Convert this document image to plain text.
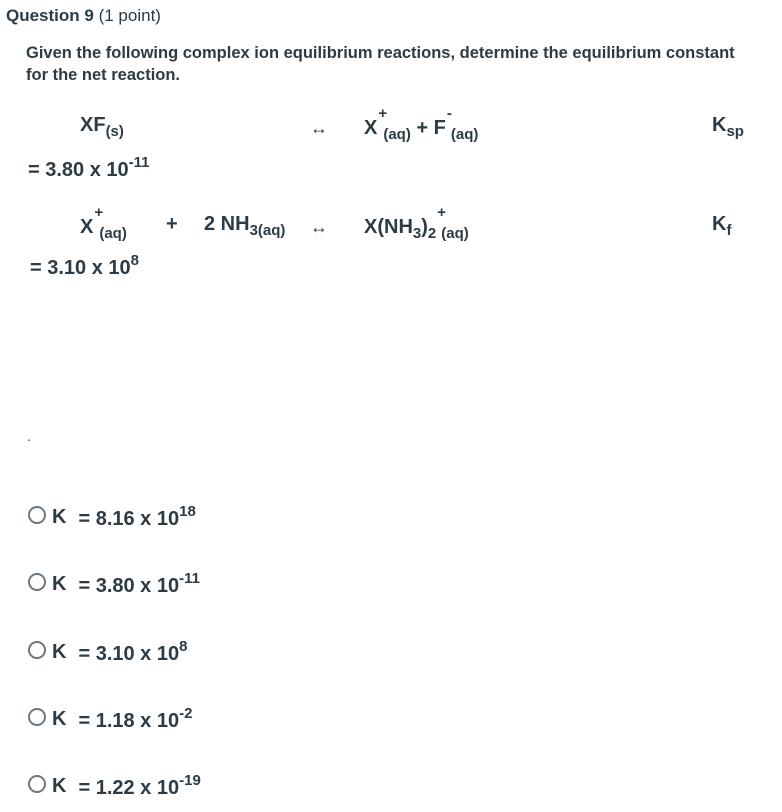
Question 9 (1 point)
Given the following complex ion equilibrium reactions, determine the equilibrium constant for the net reaction.
$XF_{(s)}$	↔ X
+
$_{(aq)}$ + F
-
$_{(aq)}$	$K_{sp}$
= 3.80 x $10^{-11}$
X
+
$_{(aq)}$ + 2 $NH_{3(aq)}$ ↔ $X(NH_3)_2$
+
$_{(aq)}$	$K_f$
= 3.10 x $10^8$
.
K = 8.16 x $10^{18}$
K = 3.80 x $10^{-11}$
K = 3.10 x $10^8$
K = 1.18 x $10^{-2}$
K = 1.22 x $10^{-19}$
